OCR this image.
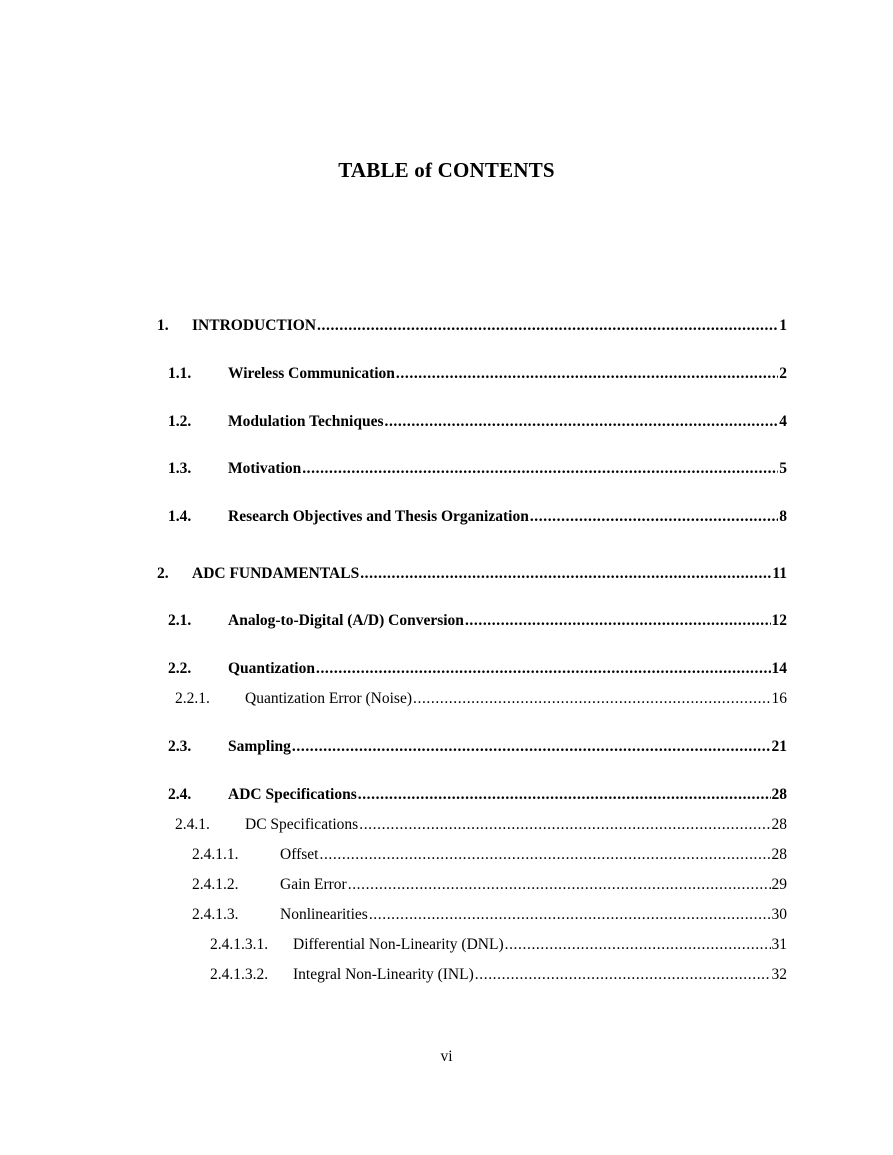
TABLE of CONTENTS
1.	INTRODUCTION .....	1
1.1.	Wireless Communication .....	2
1.2.	Modulation Techniques .....	4
1.3.	Motivation .....	5
1.4.	Research Objectives and Thesis Organization .....	8
2.	ADC FUNDAMENTALS .....	11
2.1.	Analog-to-Digital (A/D) Conversion .....	12
2.2.	Quantization .....	14
2.2.1.	Quantization Error (Noise) .....	16
2.3.	Sampling .....	21
2.4.	ADC Specifications .....	28
2.4.1.	DC Specifications .....	28
2.4.1.1.	Offset .....	28
2.4.1.2.	Gain Error .....	29
2.4.1.3.	Nonlinearities .....	30
2.4.1.3.1.	Differential Non-Linearity (DNL) .....	31
2.4.1.3.2.	Integral Non-Linearity (INL) .....	32
vi
